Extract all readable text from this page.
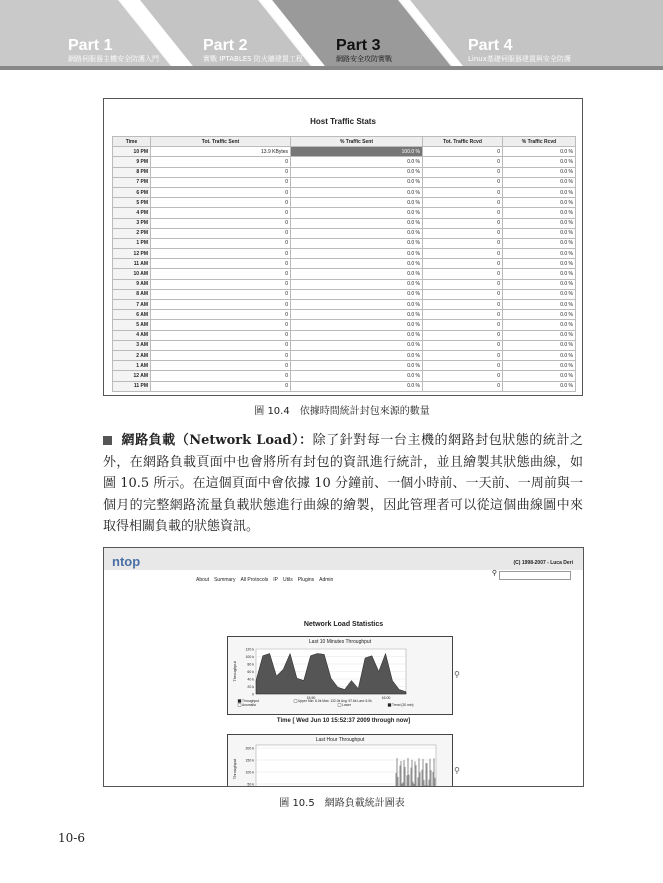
Part 1
網路伺服器主機安全防護入門
Part 2
實戰 IPTABLES 防火牆建置工程
Part 3
網路安全攻防實戰
Part 4
Linux基礎伺服器建置與安全防護
Host Traffic Stats
Time	Tot. Traffic Sent	% Traffic Sent	Tot. Traffic Rcvd	% Traffic Rcvd
10 PM	13.9 KBytes	100.0 %	0	0.0 %
9 PM	0	0.0 %	0	0.0 %
8 PM	0	0.0 %	0	0.0 %
7 PM	0	0.0 %	0	0.0 %
6 PM	0	0.0 %	0	0.0 %
5 PM	0	0.0 %	0	0.0 %
4 PM	0	0.0 %	0	0.0 %
3 PM	0	0.0 %	0	0.0 %
2 PM	0	0.0 %	0	0.0 %
1 PM	0	0.0 %	0	0.0 %
12 PM	0	0.0 %	0	0.0 %
11 AM	0	0.0 %	0	0.0 %
10 AM	0	0.0 %	0	0.0 %
9 AM	0	0.0 %	0	0.0 %
8 AM	0	0.0 %	0	0.0 %
7 AM	0	0.0 %	0	0.0 %
6 AM	0	0.0 %	0	0.0 %
5 AM	0	0.0 %	0	0.0 %
4 AM	0	0.0 %	0	0.0 %
3 AM	0	0.0 %	0	0.0 %
2 AM	0	0.0 %	0	0.0 %
1 AM	0	0.0 %	0	0.0 %
12 AM	0	0.0 %	0	0.0 %
11 PM	0	0.0 %	0	0.0 %
圖 10.4　依據時間統計封包來源的數量
網路負載（Network Load）：除了針對每一台主機的網路封包狀態的統計之外，在網路負載頁面中也會將所有封包的資訊進行統計，並且繪製其狀態曲線，如圖 10.5 所示。在這個頁面中會依據 10 分鐘前、一個小時前、一天前、一周前與一個月的完整網路流量負載狀態進行曲線的繪製，因此管理者可以從這個曲線圖中來取得相關負載的狀態資訊。
ntop	(C) 1998-2007 - Luca Deri
⚲
About Summary All Protocols IP Utils Plugins Admin
Network Load Statistics
Last 10 Minutes Throughput
120 k
100 k
80 k
60 k
40 k
20 k
0
Throughput
15:50	16:00
Throughput	Upper
Lower	Trend (30 min)
Anomalia
Min: 6.0k Max: 132.0k Avg: 57.6k Last: 6.0k
⚲
Time [ Wed Jun 10 15:52:37 2009 through now]
Last Hour Throughput
200 k
150 k
100 k
50 k
Throughput	⚲
圖 10.5　網路負載統計圖表
10-6
